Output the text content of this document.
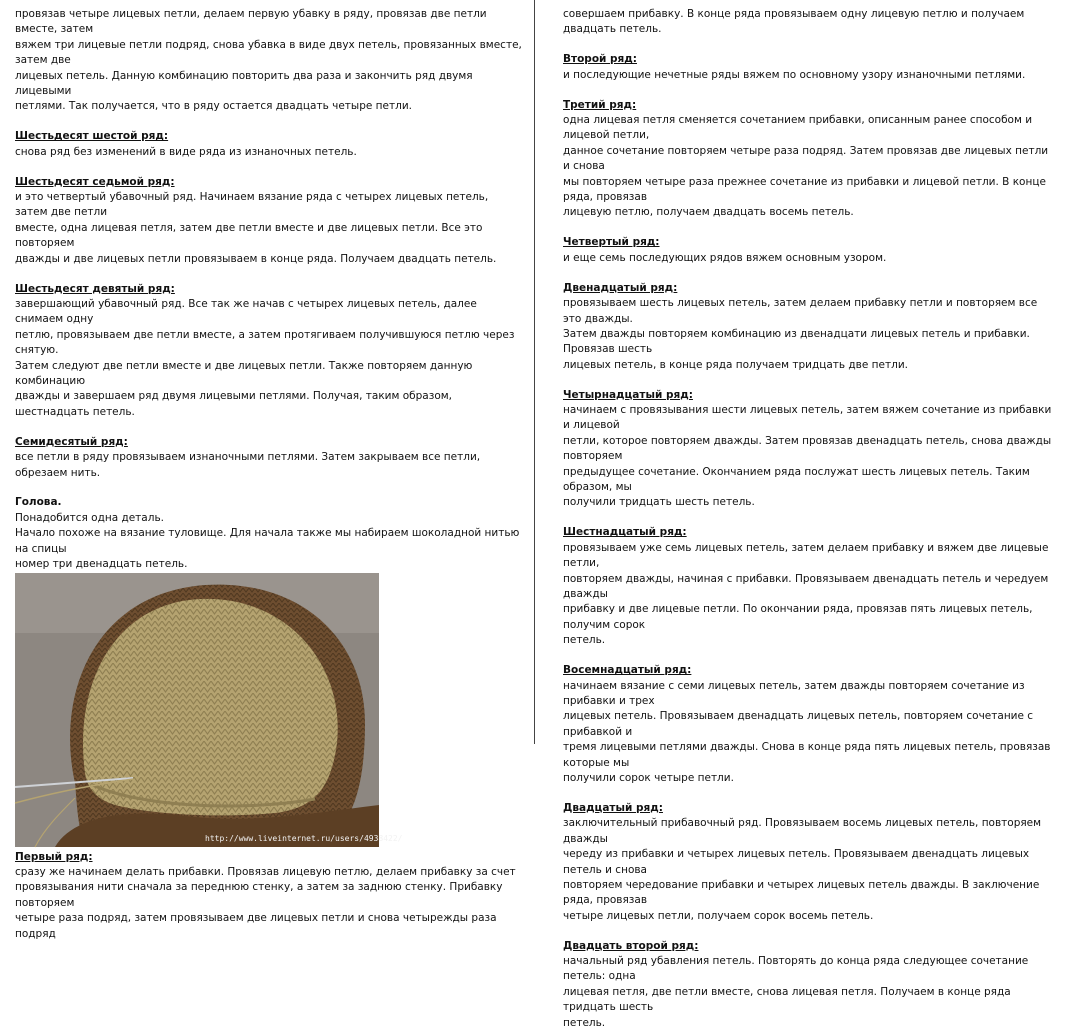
провязав четыре лицевых петли, делаем первую убавку в ряду, провязав две петли вместе, затем
вяжем три лицевые петли подряд, снова убавка в виде двух петель, провязанных вместе, затем две
лицевых петель. Данную комбинацию повторить два раза и закончить ряд двумя лицевыми
петлями. Так получается, что в ряду остается двадцать четыре петли.

Шестьдесят шестой ряд:

снова ряд без изменений в виде ряда из изнаночных петель.

Шестьдесят седьмой ряд:

и это четвертый убавочный ряд. Начинаем вязание ряда с четырех лицевых петель, затем две петли
вместе, одна лицевая петля, затем две петли вместе и две лицевых петли. Все это повторяем
дважды и две лицевых петли провязываем в конце ряда. Получаем двадцать петель.

Шестьдесят девятый ряд:

завершающий убавочный ряд. Все так же начав с четырех лицевых петель, далее снимаем одну
петлю, провязываем две петли вместе, а затем протягиваем получившуюся петлю через снятую.
Затем следуют две петли вместе и две лицевых петли. Также повторяем данную комбинацию
дважды и завершаем ряд двумя лицевыми петлями. Получая, таким образом, шестнадцать петель.

Семидесятый ряд:

все петли в ряду провязываем изнаночными петлями. Затем закрываем все петли, обрезаем нить.

Голова.

Понадобится одна деталь.
Начало похоже на вязание туловище. Для начала также мы набираем шоколадной нитью на спицы
номер три двенадцать петель.

http://www.liveinternet.ru/users/4938422/

Первый ряд:

сразу же начинаем делать прибавки. Провязав лицевую петлю, делаем прибавку за счет
провязывания нити сначала за переднюю стенку, а затем за заднюю стенку. Прибавку повторяем
четыре раза подряд, затем провязываем две лицевых петли и снова четырежды раза подряд

совершаем прибавку. В конце ряда провязываем одну лицевую петлю и получаем двадцать петель.

Второй ряд:

и последующие нечетные ряды вяжем по основному узору изнаночными петлями.

Третий ряд:

одна лицевая петля сменяется сочетанием прибавки, описанным ранее способом и лицевой петли,
данное сочетание повторяем четыре раза подряд. Затем провязав две лицевых петли и снова
мы повторяем четыре раза прежнее сочетание из прибавки и лицевой петли. В конце ряда, провязав
лицевую петлю, получаем двадцать восемь петель.

Четвертый ряд:

и еще семь последующих рядов вяжем основным узором.

Двенадцатый ряд:

провязываем шесть лицевых петель, затем делаем прибавку петли и повторяем все это дважды.
Затем дважды повторяем комбинацию из двенадцати лицевых петель и прибавки. Провязав шесть
лицевых петель, в конце ряда получаем тридцать две петли.

Четырнадцатый ряд:

начинаем с провязывания шести лицевых петель, затем вяжем сочетание из прибавки и лицевой
петли, которое повторяем дважды. Затем провязав двенадцать петель, снова дважды повторяем
предыдущее сочетание. Окончанием ряда послужат шесть лицевых петель. Таким образом, мы
получили тридцать шесть петель.

Шестнадцатый ряд:

провязываем уже семь лицевых петель, затем делаем прибавку и вяжем две лицевые петли,
повторяем дважды, начиная с прибавки. Провязываем двенадцать петель и чередуем дважды
прибавку и две лицевые петли. По окончании ряда, провязав пять лицевых петель, получим сорок
петель.

Восемнадцатый ряд:

начинаем вязание с семи лицевых петель, затем дважды повторяем сочетание из прибавки и трех
лицевых петель. Провязываем двенадцать лицевых петель, повторяем сочетание с прибавкой и
тремя лицевыми петлями дважды. Снова в конце ряда пять лицевых петель, провязав которые мы
получили сорок четыре петли.

Двадцатый ряд:

заключительный прибавочный ряд. Провязываем восемь лицевых петель, повторяем дважды
череду из прибавки и четырех лицевых петель. Провязываем двенадцать лицевых петель и снова
повторяем чередование прибавки и четырех лицевых петель дважды. В заключение ряда, провязав
четыре лицевых петли, получаем сорок восемь петель.

Двадцать второй ряд:

начальный ряд убавления петель. Повторять до конца ряда следующее сочетание петель: одна
лицевая петля, две петли вместе, снова лицевая петля. Получаем в конце ряда тридцать шесть
петель.
